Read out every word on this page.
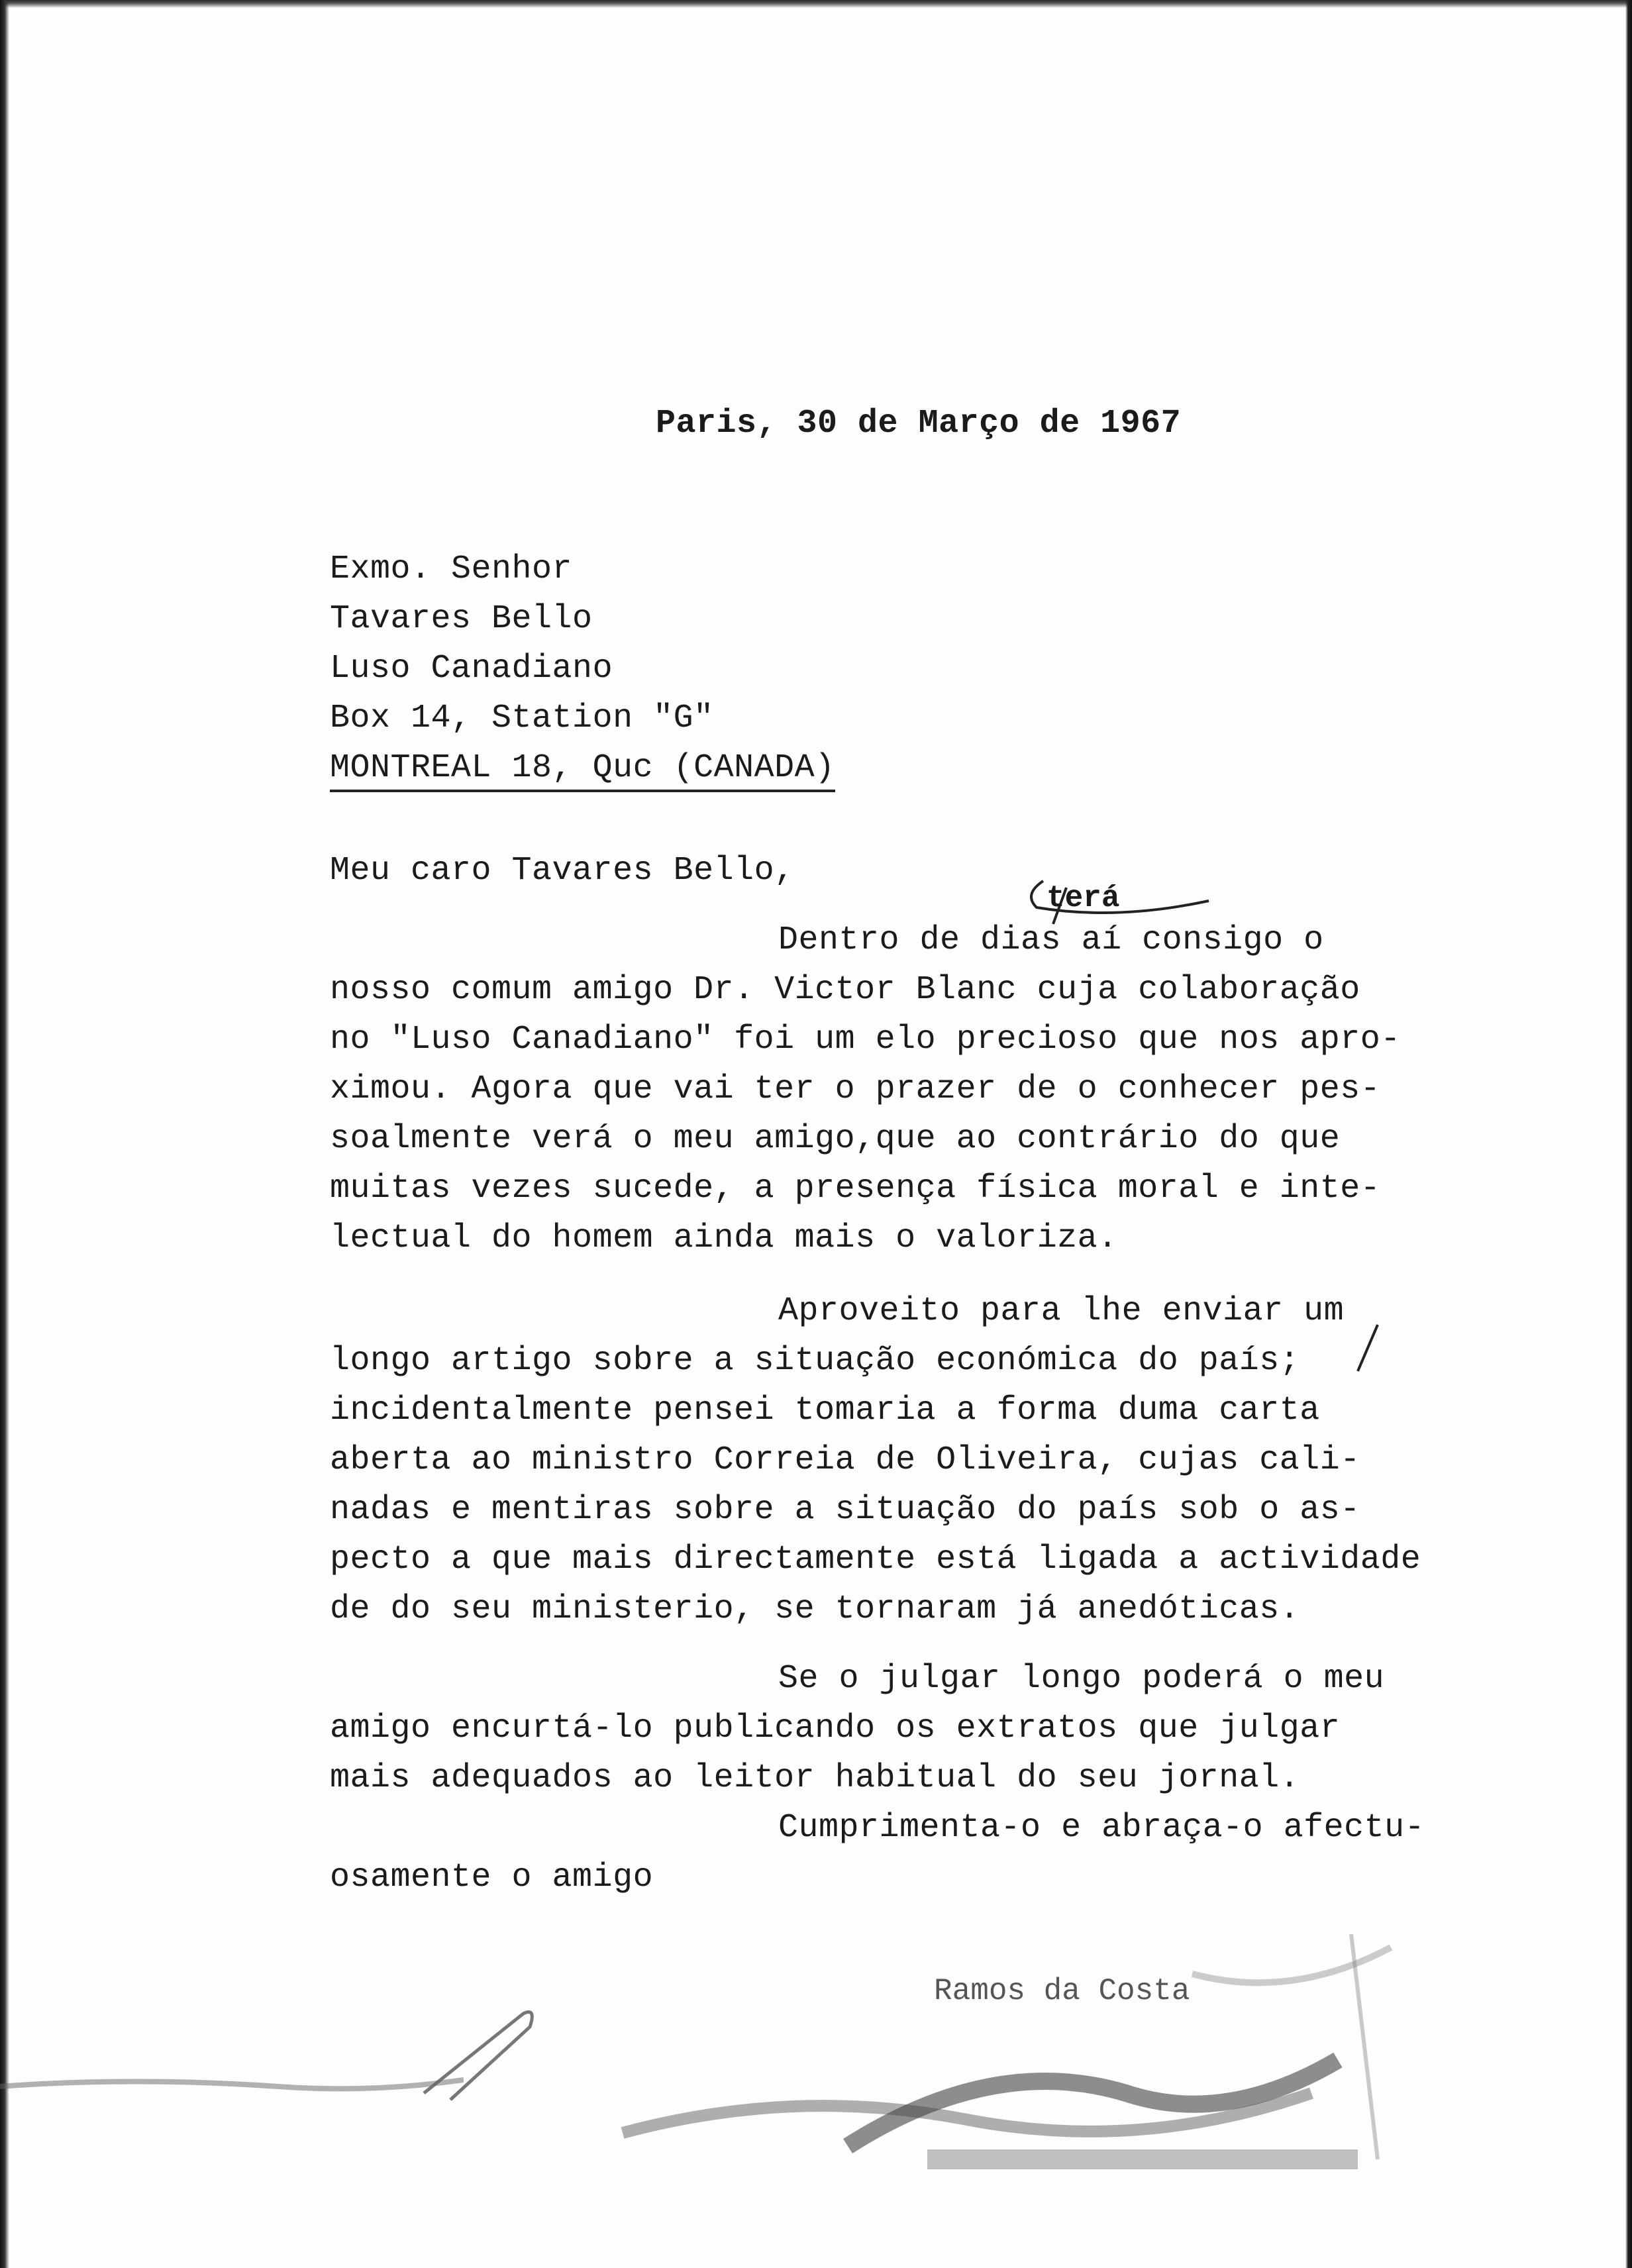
Paris, 30 de Março de 1967
Exmo. Senhor
Tavares Bello
Luso Canadiano
Box 14, Station "G"
MONTREAL 18, Quc (CANADA)
Meu caro Tavares Bello,
terá
Dentro de dias aí consigo o
nosso comum amigo Dr. Victor Blanc cuja colaboração
no "Luso Canadiano" foi um elo precioso que nos apro-
ximou. Agora que vai ter o prazer de o conhecer pes-
soalmente verá o meu amigo,que ao contrário do que
muitas vezes sucede, a presença física moral e inte-
lectual do homem ainda mais o valoriza.
Aproveito para lhe enviar um
longo artigo sobre a situação económica do país;
incidentalmente pensei tomaria a forma duma carta
aberta ao ministro Correia de Oliveira, cujas cali-
nadas e mentiras sobre a situação do país sob o as-
pecto a que mais directamente está ligada a actividade
de do seu ministerio, se tornaram já anedóticas.
Se o julgar longo poderá o meu
amigo encurtá-lo publicando os extratos que julgar
mais adequados ao leitor habitual do seu jornal.
Cumprimenta-o e abraça-o afectu-
osamente o amigo
Ramos da Costa
